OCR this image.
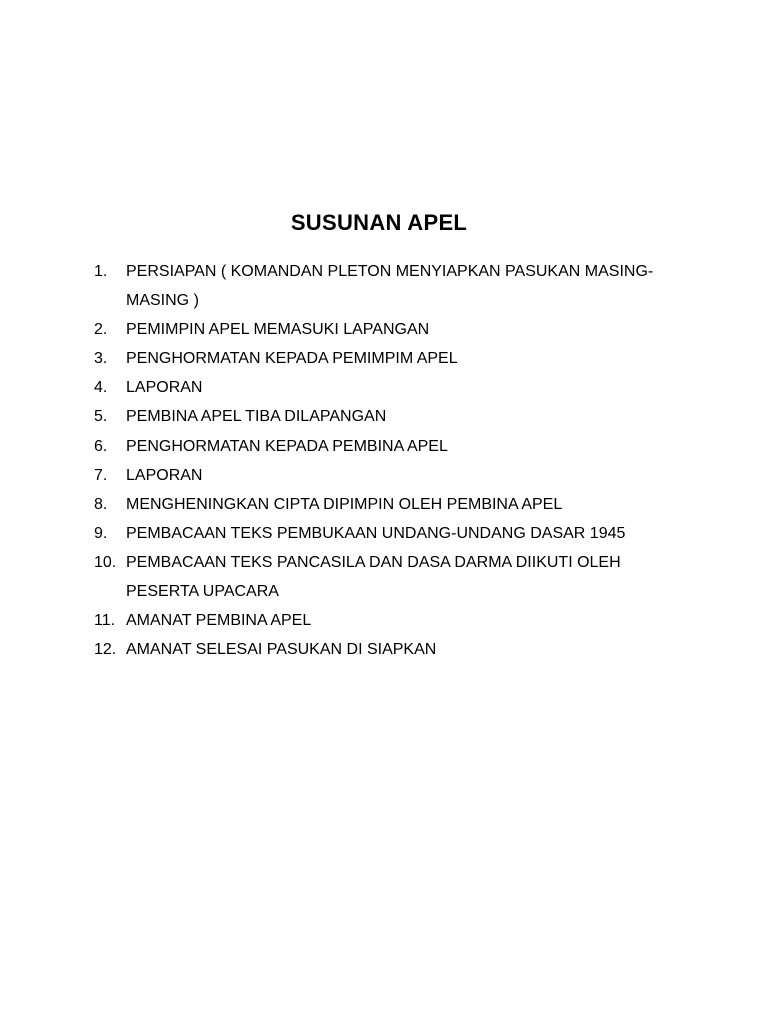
SUSUNAN APEL
1. PERSIAPAN ( KOMANDAN PLETON MENYIAPKAN PASUKAN MASING-MASING )
2. PEMIMPIN APEL MEMASUKI LAPANGAN
3. PENGHORMATAN KEPADA PEMIMPIM APEL
4. LAPORAN
5. PEMBINA APEL TIBA DILAPANGAN
6. PENGHORMATAN KEPADA PEMBINA APEL
7. LAPORAN
8. MENGHENINGKAN CIPTA DIPIMPIN OLEH PEMBINA APEL
9. PEMBACAAN TEKS PEMBUKAAN UNDANG-UNDANG DASAR 1945
10. PEMBACAAN TEKS PANCASILA DAN DASA DARMA DIIKUTI OLEH PESERTA UPACARA
11. AMANAT PEMBINA APEL
12. AMANAT SELESAI PASUKAN DI SIAPKAN
